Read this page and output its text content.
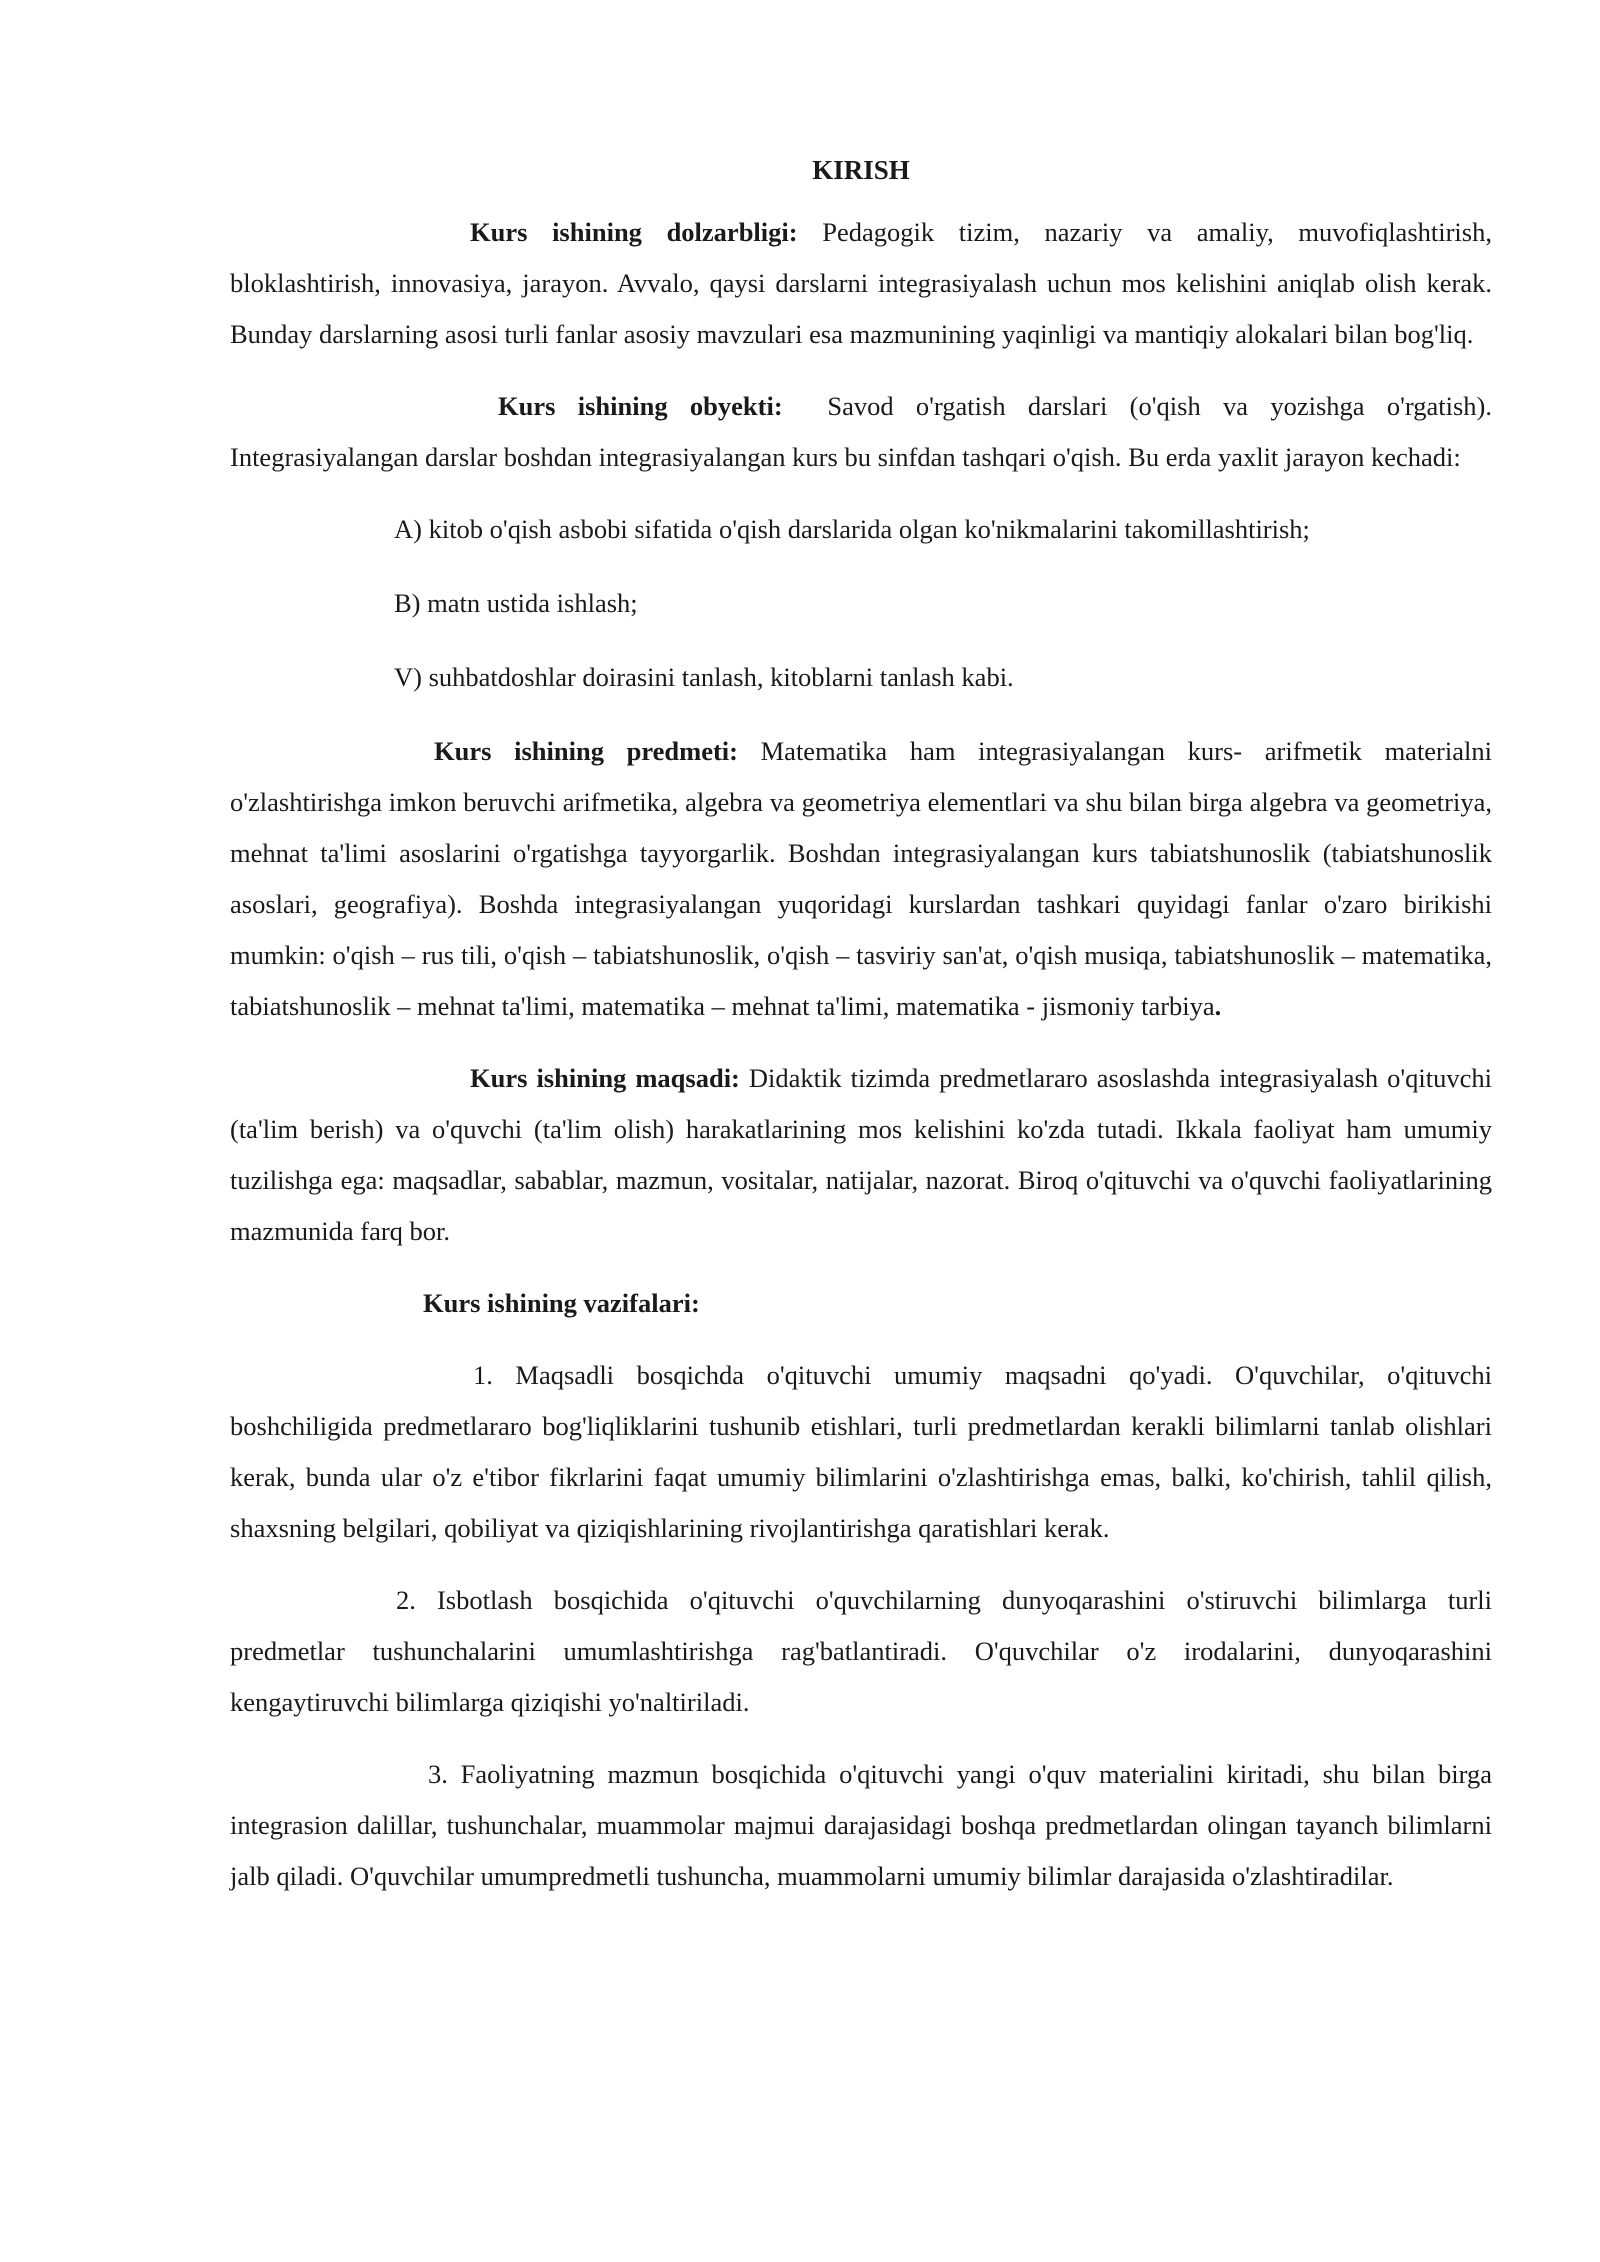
KIRISH

Kurs ishining dolzarbligi: Pedagogik tizim, nazariy va amaliy, muvofiqlashtirish, bloklashtirish, innovasiya, jarayon. Avvalo, qaysi darslarni integrasiyalash uchun mos kelishini aniqlab olish kerak. Bunday darslarning asosi turli fanlar asosiy mavzulari esa mazmunining yaqinligi va mantiqiy alokalari bilan bog'liq.

Kurs ishining obyekti:  Savod o'rgatish darslari (o'qish va yozishga o'rgatish). Integrasiyalangan darslar boshdan integrasiyalangan kurs bu sinfdan tashqari o'qish. Bu erda yaxlit jarayon kechadi:

A) kitob o'qish asbobi sifatida o'qish darslarida olgan ko'nikmalarini takomillashtirish;
B) matn ustida ishlash;
V) suhbatdoshlar doirasini tanlash, kitoblarni tanlash kabi.

Kurs ishining predmeti: Matematika ham integrasiyalangan kurs- arifmetik materialni o'zlashtirishga imkon beruvchi arifmetika, algebra va geometriya elementlari va shu bilan birga algebra va geometriya, mehnat ta'limi asoslarini o'rgatishga tayyorgarlik. Boshdan integrasiyalangan kurs tabiatshunoslik (tabiatshunoslik asoslari, geografiya). Boshda integrasiyalangan yuqoridagi kurslardan tashkari quyidagi fanlar o'zaro birikishi mumkin: o'qish – rus tili, o'qish – tabiatshunoslik, o'qish – tasviriy san'at, o'qish musiqa, tabiatshunoslik – matematika, tabiatshunoslik – mehnat ta'limi, matematika – mehnat ta'limi, matematika - jismoniy tarbiya.

Kurs ishining maqsadi: Didaktik tizimda predmetlararo asoslashda integrasiyalash o'qituvchi (ta'lim berish) va o'quvchi (ta'lim olish) harakatlarining mos kelishini ko'zda tutadi. Ikkala faoliyat ham umumiy tuzilishga ega: maqsadlar, sabablar, mazmun, vositalar, natijalar, nazorat. Biroq o'qituvchi va o'quvchi faoliyatlarining mazmunida farq bor.

Kurs ishining vazifalari:

1. Maqsadli bosqichda o'qituvchi umumiy maqsadni qo'yadi. O'quvchilar, o'qituvchi boshchiligida predmetlararo bog'liqliklarini tushunib etishlari, turli predmetlardan kerakli bilimlarni tanlab olishlari kerak, bunda ular o'z e'tibor fikrlarini faqat umumiy bilimlarini o'zlashtirishga emas, balki, ko'chirish, tahlil qilish, shaxsning belgilari, qobiliyat va qiziqishlarining rivojlantirishga qaratishlari kerak.

2. Isbotlash bosqichida o'qituvchi o'quvchilarning dunyoqarashini o'stiruvchi bilimlarga turli predmetlar tushunchalarini umumlashtirishga rag'batlantiradi. O'quvchilar o'z irodalarini, dunyoqarashini kengaytiruvchi bilimlarga qiziqishi yo'naltiriladi.

3. Faoliyatning mazmun bosqichida o'qituvchi yangi o'quv materialini kiritadi, shu bilan birga integrasion dalillar, tushunchalar, muammolar majmui darajasidagi boshqa predmetlardan olingan tayanch bilimlarni jalb qiladi. O'quvchilar umumpredmetli tushuncha, muammolarni umumiy bilimlar darajasida o'zlashtiradilar.
